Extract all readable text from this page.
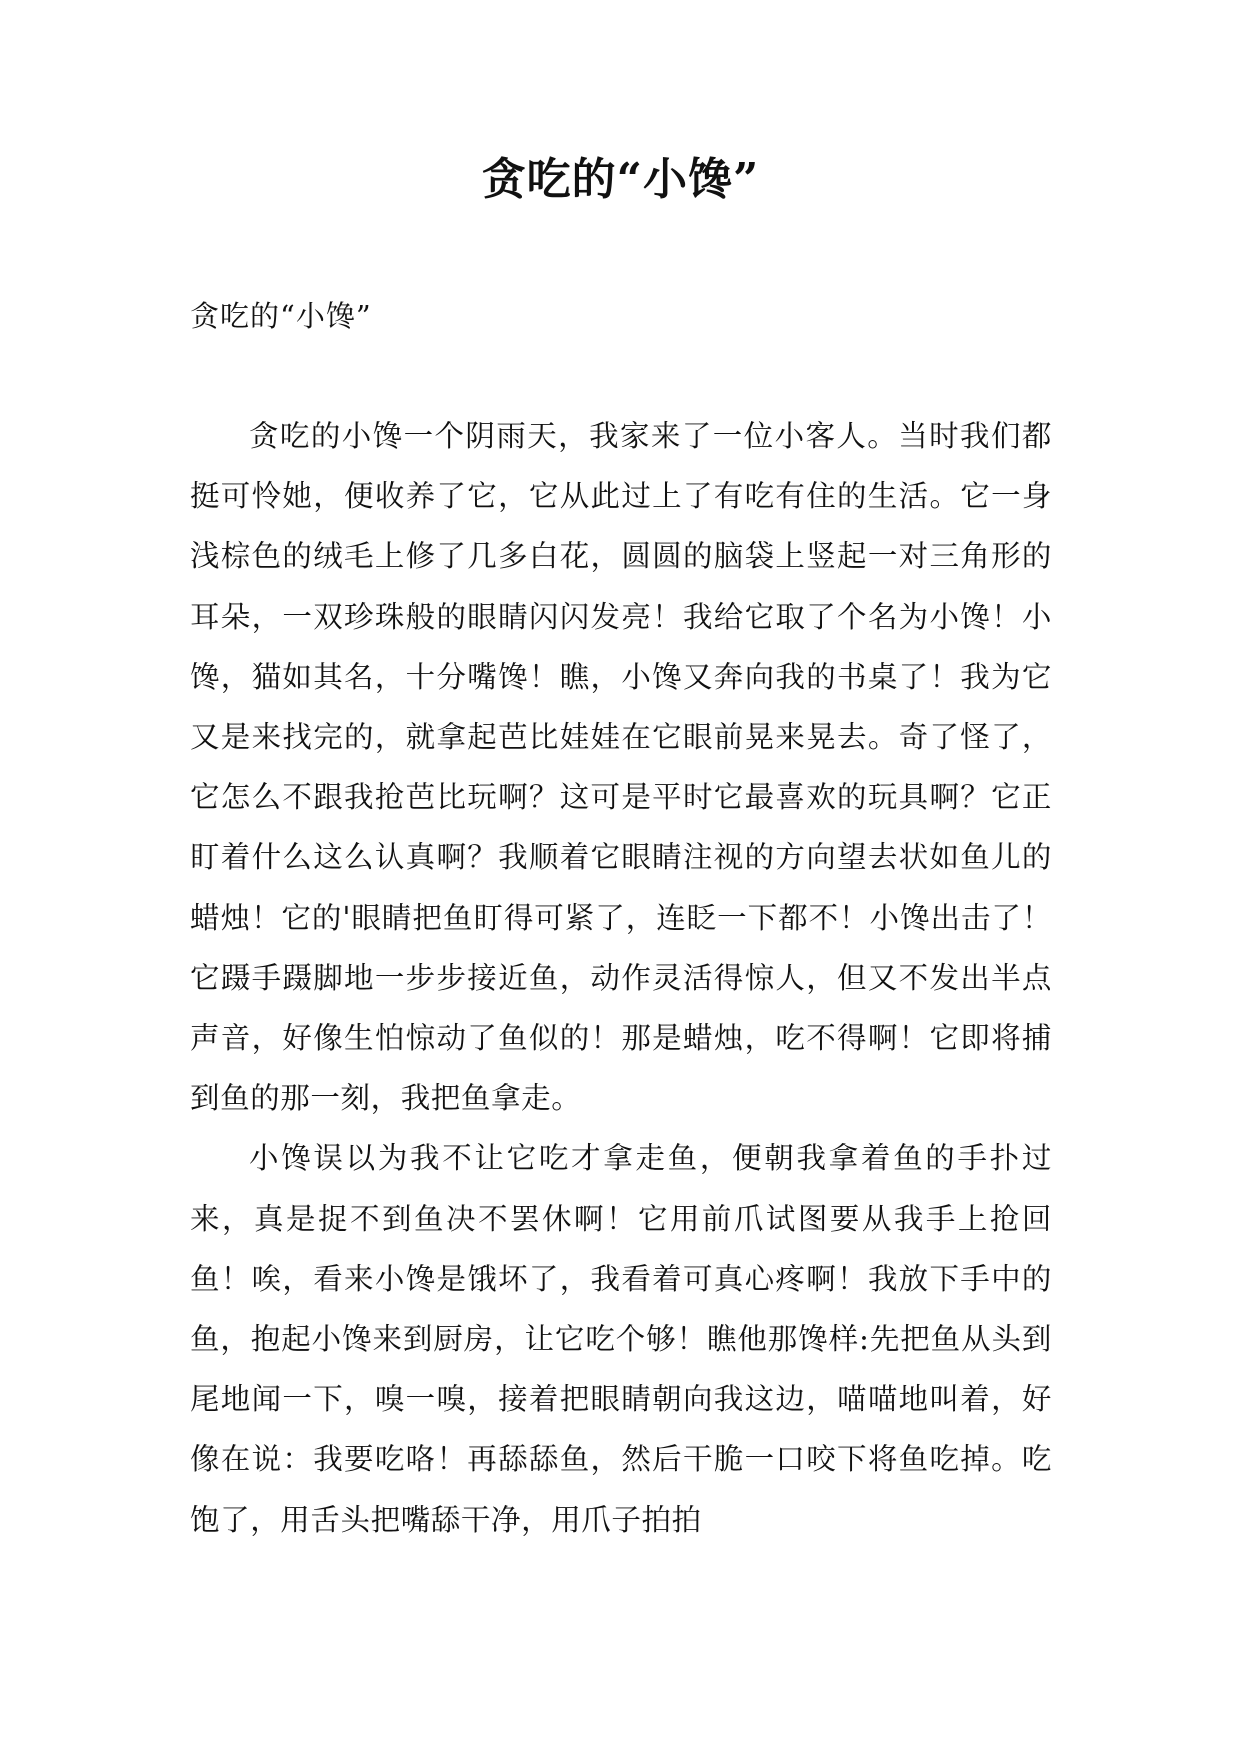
贪吃的“小馋”
贪吃的“小馋”

贪吃的小馋一个阴雨天，我家来了一位小客人。当时我们都挺可怜她，便收养了它，它从此过上了有吃有住的生活。它一身浅棕色的绒毛上修了几多白花，圆圆的脑袋上竖起一对三角形的耳朵，一双珍珠般的眼睛闪闪发亮！我给它取了个名为小馋！小馋，猫如其名，十分嘴馋！瞧，小馋又奔向我的书桌了！我为它又是来找完的，就拿起芭比娃娃在它眼前晃来晃去。奇了怪了，它怎么不跟我抢芭比玩啊？这可是平时它最喜欢的玩具啊？它正盯着什么这么认真啊？我顺着它眼睛注视的方向望去状如鱼儿的蜡烛！它的'眼睛把鱼盯得可紧了，连眨一下都不！小馋出击了！它蹑手蹑脚地一步步接近鱼，动作灵活得惊人，但又不发出半点声音，好像生怕惊动了鱼似的！那是蜡烛，吃不得啊！它即将捕到鱼的那一刻，我把鱼拿走。

小馋误以为我不让它吃才拿走鱼，便朝我拿着鱼的手扑过来，真是捉不到鱼决不罢休啊！它用前爪试图要从我手上抢回鱼！唉，看来小馋是饿坏了，我看着可真心疼啊！我放下手中的鱼，抱起小馋来到厨房，让它吃个够！瞧他那馋样:先把鱼从头到尾地闻一下，嗅一嗅，接着把眼睛朝向我这边，喵喵地叫着，好像在说：我要吃咯！再舔舔鱼，然后干脆一口咬下将鱼吃掉。吃饱了，用舌头把嘴舔干净，用爪子拍拍
